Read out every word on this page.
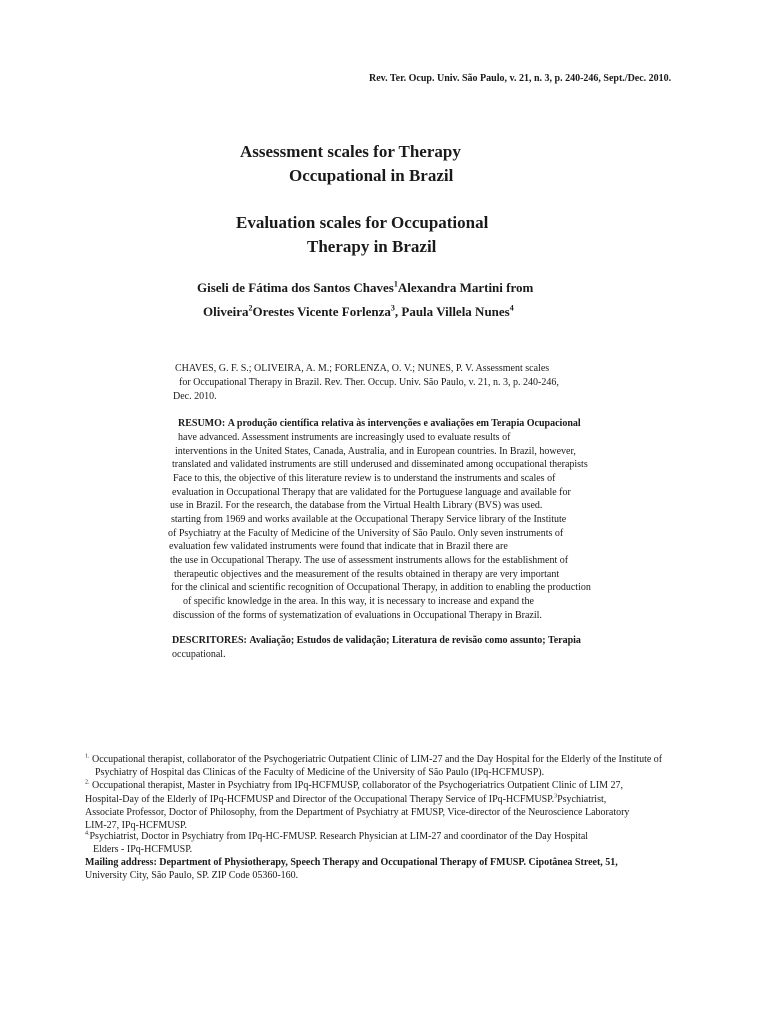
Rev. Ter. Ocup. Univ. São Paulo, v. 21, n. 3, p. 240-246, Sept./Dec. 2010.
Assessment scales for Therapy
Occupational in Brazil
Evaluation scales for Occupational
Therapy in Brazil
Giseli de Fátima dos Santos Chaves$^1$Alexandra Martini from
Oliveira$^2$Orestes Vicente Forlenza$^3$, Paula Villela Nunes$^4$
CHAVES, G. F. S.; OLIVEIRA, A. M.; FORLENZA, O. V.; NUNES, P. V. Assessment scales
for Occupational Therapy in Brazil. Rev. Ther. Occup. Univ. São Paulo, v. 21, n. 3, p. 240-246,
Dec. 2010.
RESUMO: A produção científica relativa às intervenções e avaliações em Terapia Ocupacional
have advanced. Assessment instruments are increasingly used to evaluate results of
interventions in the United States, Canada, Australia, and in European countries. In Brazil, however,
translated and validated instruments are still underused and disseminated among occupational therapists
Face to this, the objective of this literature review is to understand the instruments and scales of
evaluation in Occupational Therapy that are validated for the Portuguese language and available for
use in Brazil. For the research, the database from the Virtual Health Library (BVS) was used.
starting from 1969 and works available at the Occupational Therapy Service library of the Institute
of Psychiatry at the Faculty of Medicine of the University of São Paulo. Only seven instruments of
evaluation few validated instruments were found that indicate that in Brazil there are
the use in Occupational Therapy. The use of assessment instruments allows for the establishment of
therapeutic objectives and the measurement of the results obtained in therapy are very important
for the clinical and scientific recognition of Occupational Therapy, in addition to enabling the production
of specific knowledge in the area. In this way, it is necessary to increase and expand the
discussion of the forms of systematization of evaluations in Occupational Therapy in Brazil.
DESCRITORES: Avaliação; Estudos de validação; Literatura de revisão como assunto; Terapia
occupational.
$^{1.}$ Occupational therapist, collaborator of the Psychogeriatric Outpatient Clinic of LIM-27 and the Day Hospital for the Elderly of the Institute of
Psychiatry of Hospital das Clinicas of the Faculty of Medicine of the University of São Paulo (IPq-HCFMUSP).
$^{2.}$ Occupational therapist, Master in Psychiatry from IPq-HCFMUSP, collaborator of the Psychogeriatrics Outpatient Clinic of LIM 27,
Hospital-Day of the Elderly of IPq-HCFMUSP and Director of the Occupational Therapy Service of IPq-HCFMUSP.$^3$Psychiatrist,
Associate Professor, Doctor of Philosophy, from the Department of Psychiatry at FMUSP, Vice-director of the Neuroscience Laboratory
LIM-27, IPq-HCFMUSP.
$^{4.}$Psychiatrist, Doctor in Psychiatry from IPq-HC-FMUSP. Research Physician at LIM-27 and coordinator of the Day Hospital
Elders - IPq-HCFMUSP.
Mailing address: Department of Physiotherapy, Speech Therapy and Occupational Therapy of FMUSP. Cipotânea Street, 51,
University City, São Paulo, SP. ZIP Code 05360-160.
